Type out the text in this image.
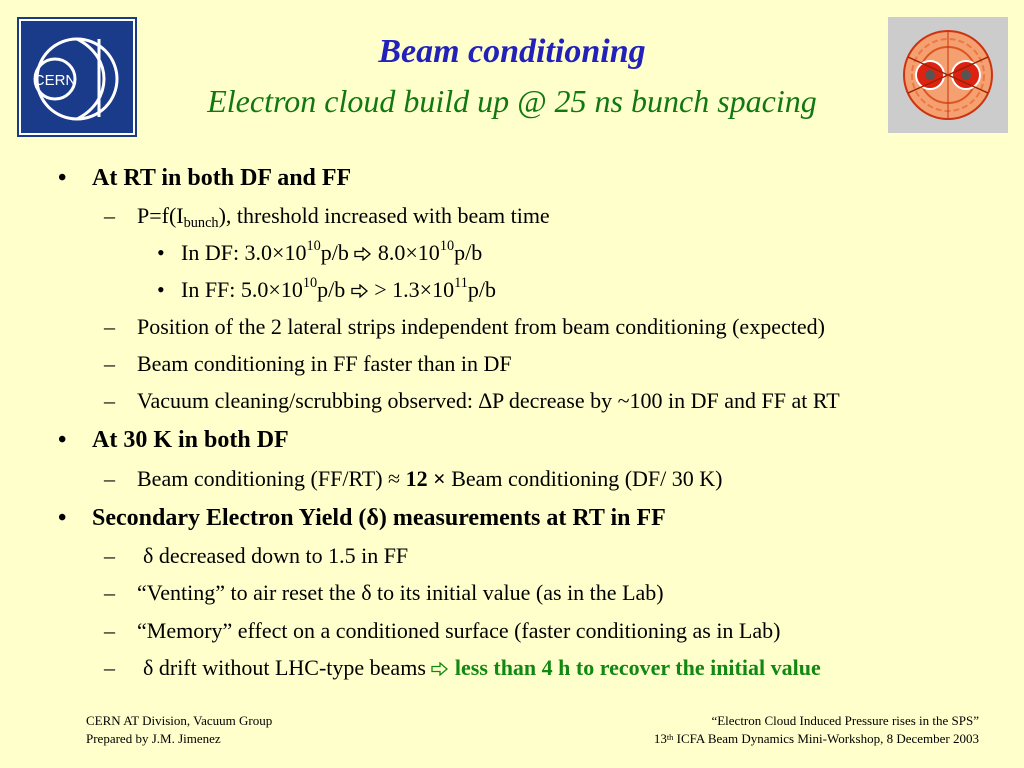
CERN
Beam conditioning
Electron cloud build up @ 25 ns bunch spacing
• At RT in both DF and FF
– $P=f(I_{bunch})$, threshold increased with beam time
• In DF: $3.0\times 10^{10}p/b$  $8.0\times 10^{10}p/b$
• In FF: $5.0\times 10^{10}p/b > 1.3\times 10^{11}p/b$
– Position of the 2 lateral strips independent from beam conditioning (expected)
– Beam conditioning in FF faster than in DF
– Vacuum cleaning/scrubbing observed: ∆P decrease by ~100 in DF and FF at RT
• At 30 K in both DF
– Beam conditioning (FF/RT) ≈ 12 × Beam conditioning (DF/ 30 K)
• Secondary Electron Yield (δ) measurements at RT in FF
– δ decreased down to 1.5 in FF
– “Venting” to air reset the δ to its initial value (as in the Lab)
– “Memory” effect on a conditioned surface (faster conditioning as in Lab)
– δ drift without LHC-type beams  less than 4 h to recover the initial value
CERN AT Division, Vacuum Group
Prepared by J.M. Jimenez
“Electron Cloud Induced Pressure rises in the SPS”
13th ICFA Beam Dynamics Mini-Workshop, 8 December 2003
